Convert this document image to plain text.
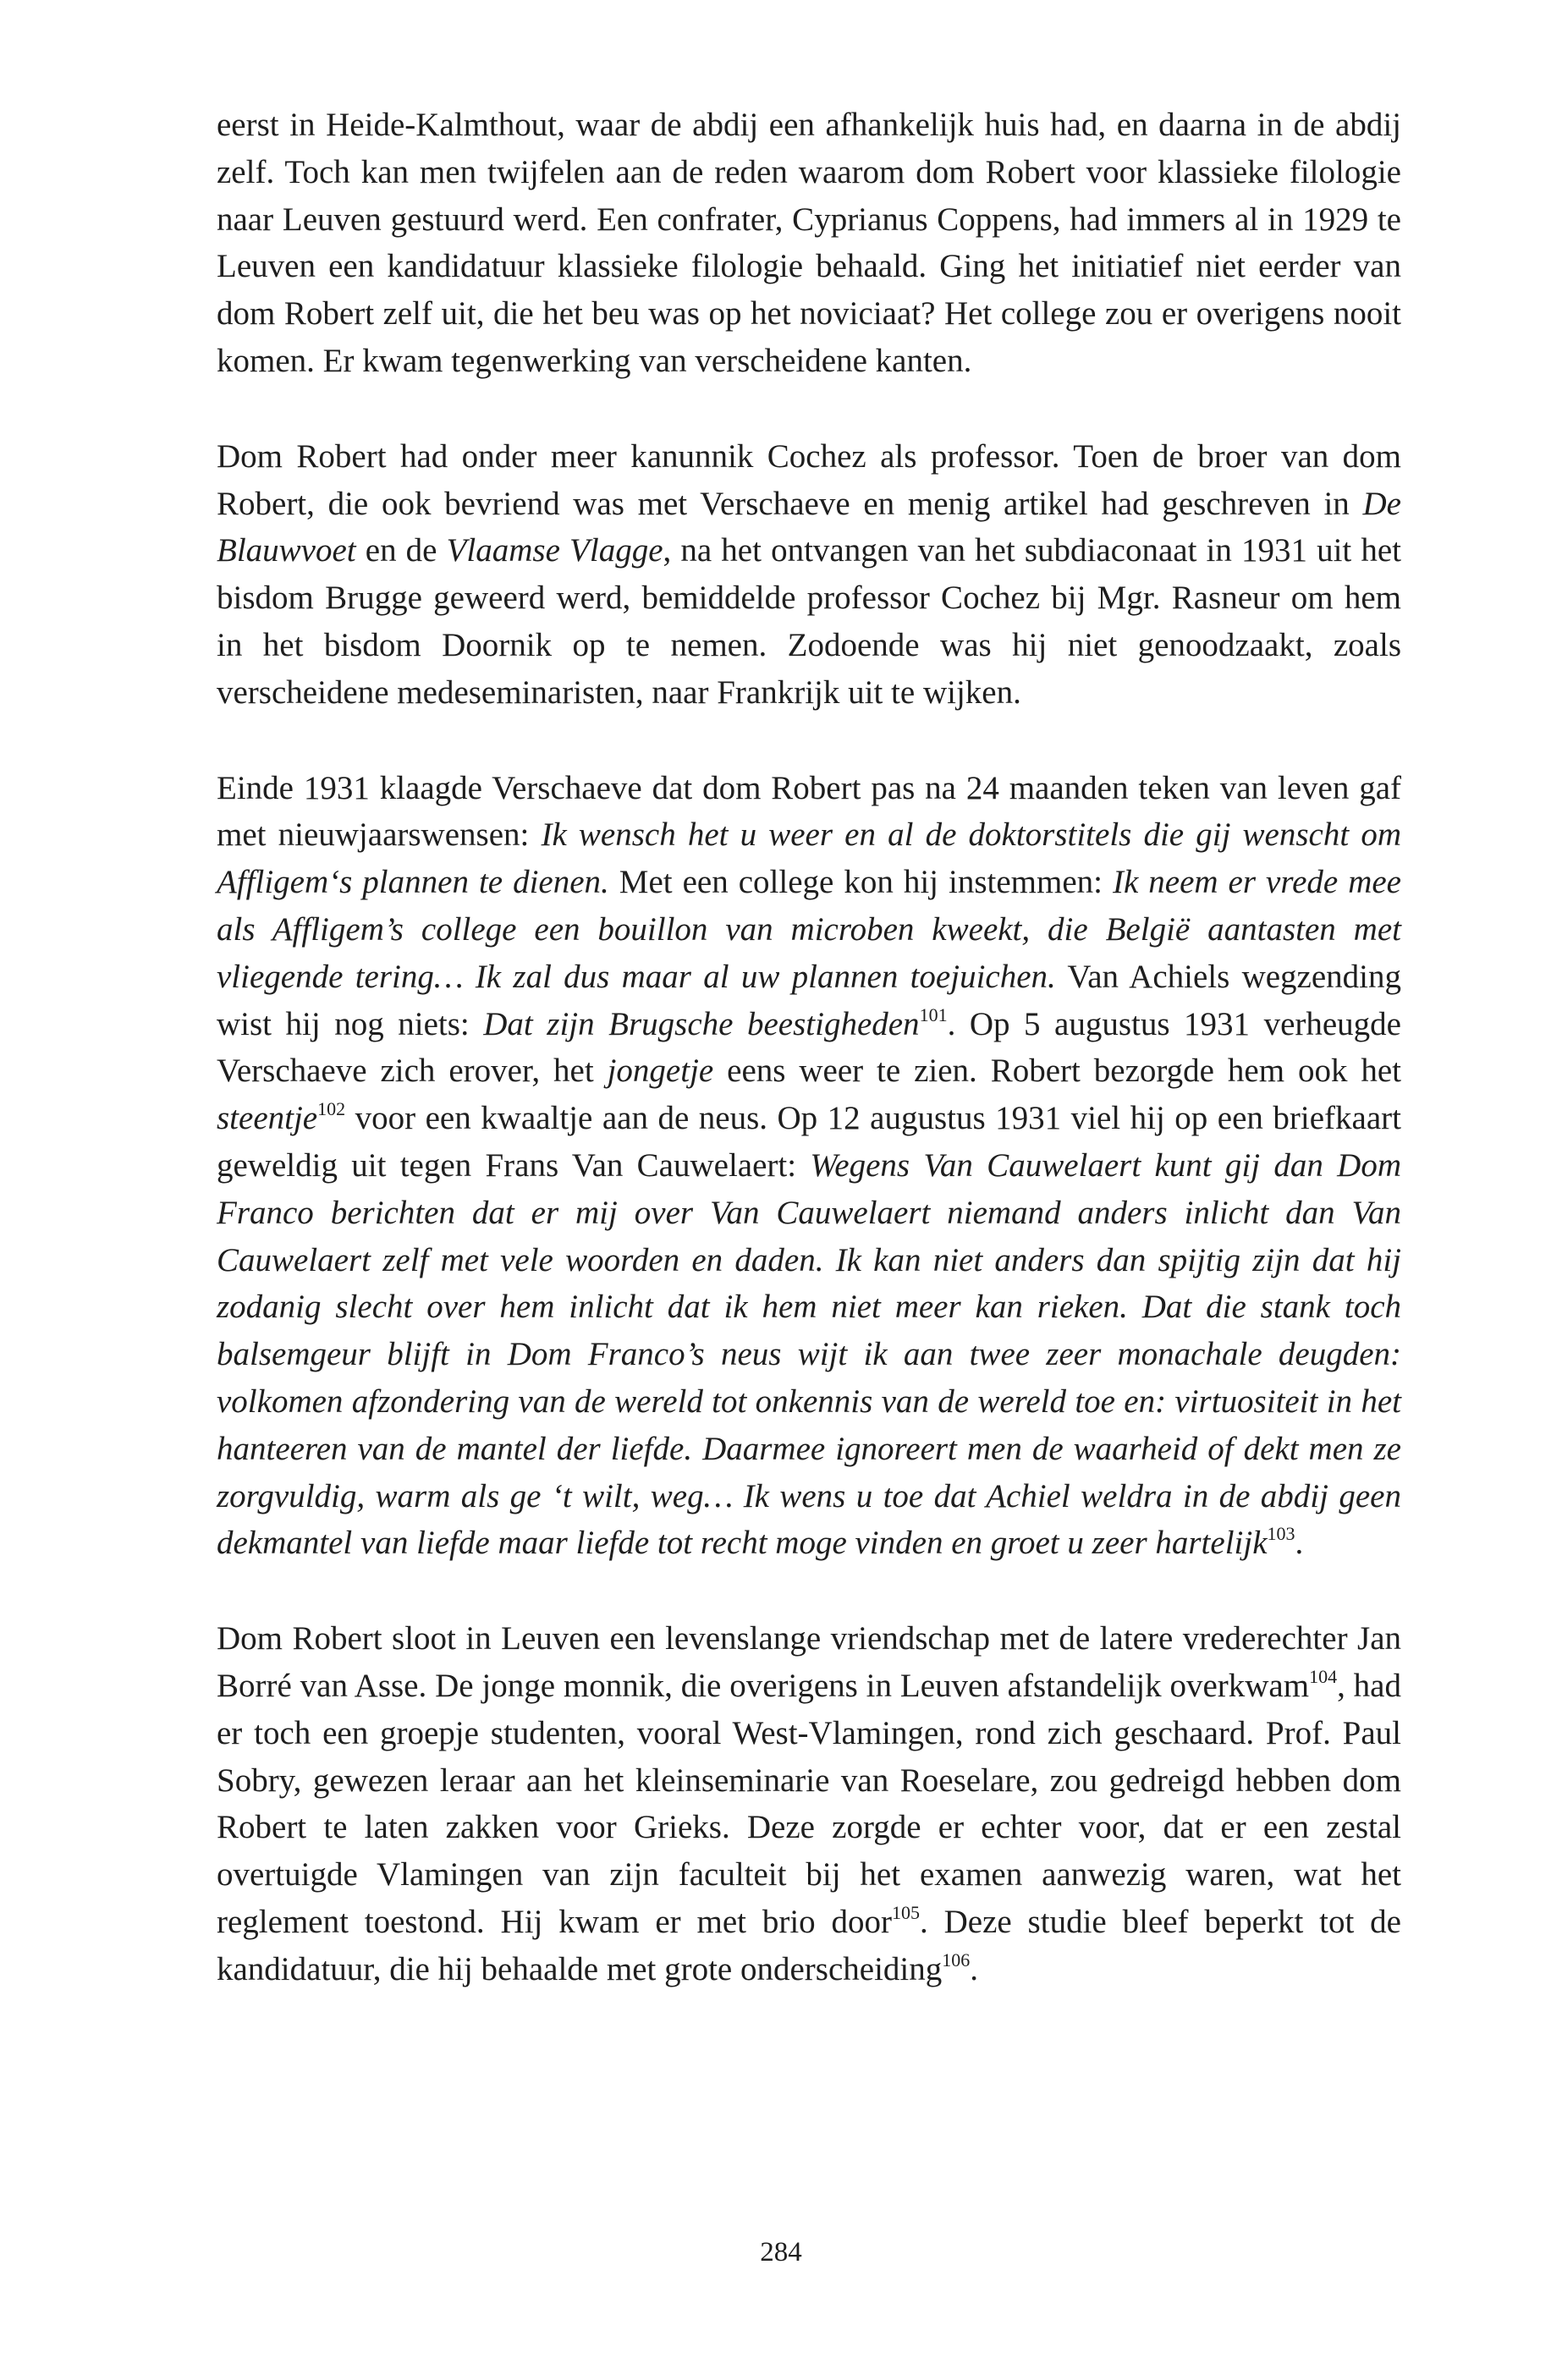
eerst in Heide-Kalmthout, waar de abdij een afhankelijk huis had, en daarna in de abdij zelf. Toch kan men twijfelen aan de reden waarom dom Robert voor klassieke filologie naar Leuven gestuurd werd. Een confrater, Cyprianus Coppens, had immers al in 1929 te Leuven een kandidatuur klassieke filologie behaald. Ging het initiatief niet eerder van dom Robert zelf uit, die het beu was op het noviciaat? Het college zou er overigens nooit komen. Er kwam tegenwerking van verscheidene kanten.

Dom Robert had onder meer kanunnik Cochez als professor. Toen de broer van dom Robert, die ook bevriend was met Verschaeve en menig artikel had geschreven in De Blauwvoet en de Vlaamse Vlagge, na het ontvangen van het subdiaconaat in 1931 uit het bisdom Brugge geweerd werd, bemiddelde professor Cochez bij Mgr. Rasneur om hem in het bisdom Doornik op te nemen. Zodoende was hij niet genoodzaakt, zoals verscheidene medeseminaristen, naar Frankrijk uit te wijken.

Einde 1931 klaagde Verschaeve dat dom Robert pas na 24 maanden teken van leven gaf met nieuwjaarswensen: Ik wensch het u weer en al de doktorstitels die gij wenscht om Affligem‘s plannen te dienen. Met een college kon hij instemmen: Ik neem er vrede mee als Affligem’s college een bouillon van microben kweekt, die België aantasten met vliegende tering… Ik zal dus maar al uw plannen toejuichen. Van Achiels wegzending wist hij nog niets: Dat zijn Brugsche beestigheden$^{101}$. Op 5 augustus 1931 verheugde Verschaeve zich erover, het jongetje eens weer te zien. Robert bezorgde hem ook het steentje$^{102}$ voor een kwaaltje aan de neus. Op 12 augustus 1931 viel hij op een briefkaart geweldig uit tegen Frans Van Cauwelaert: Wegens Van Cauwelaert kunt gij dan Dom Franco berichten dat er mij over Van Cauwelaert niemand anders inlicht dan Van Cauwelaert zelf met vele woorden en daden. Ik kan niet anders dan spijtig zijn dat hij zodanig slecht over hem inlicht dat ik hem niet meer kan rieken. Dat die stank toch balsemgeur blijft in Dom Franco’s neus wijt ik aan twee zeer monachale deugden: volkomen afzondering van de wereld tot onkennis van de wereld toe en: virtuositeit in het hanteeren van de mantel der liefde. Daarmee ignoreert men de waarheid of dekt men ze zorgvuldig, warm als ge ‘t wilt, weg… Ik wens u toe dat Achiel weldra in de abdij geen dekmantel van liefde maar liefde tot recht moge vinden en groet u zeer hartelijk$^{103}$.

Dom Robert sloot in Leuven een levenslange vriendschap met de latere vrederechter Jan Borré van Asse. De jonge monnik, die overigens in Leuven afstandelijk overkwam$^{104}$, had er toch een groepje studenten, vooral West-Vlamingen, rond zich geschaard. Prof. Paul Sobry, gewezen leraar aan het kleinseminarie van Roeselare, zou gedreigd hebben dom Robert te laten zakken voor Grieks. Deze zorgde er echter voor, dat er een zestal overtuigde Vlamingen van zijn faculteit bij het examen aanwezig waren, wat het reglement toestond. Hij kwam er met brio door$^{105}$. Deze studie bleef beperkt tot de kandidatuur, die hij behaalde met grote onderscheiding$^{106}$.

284
